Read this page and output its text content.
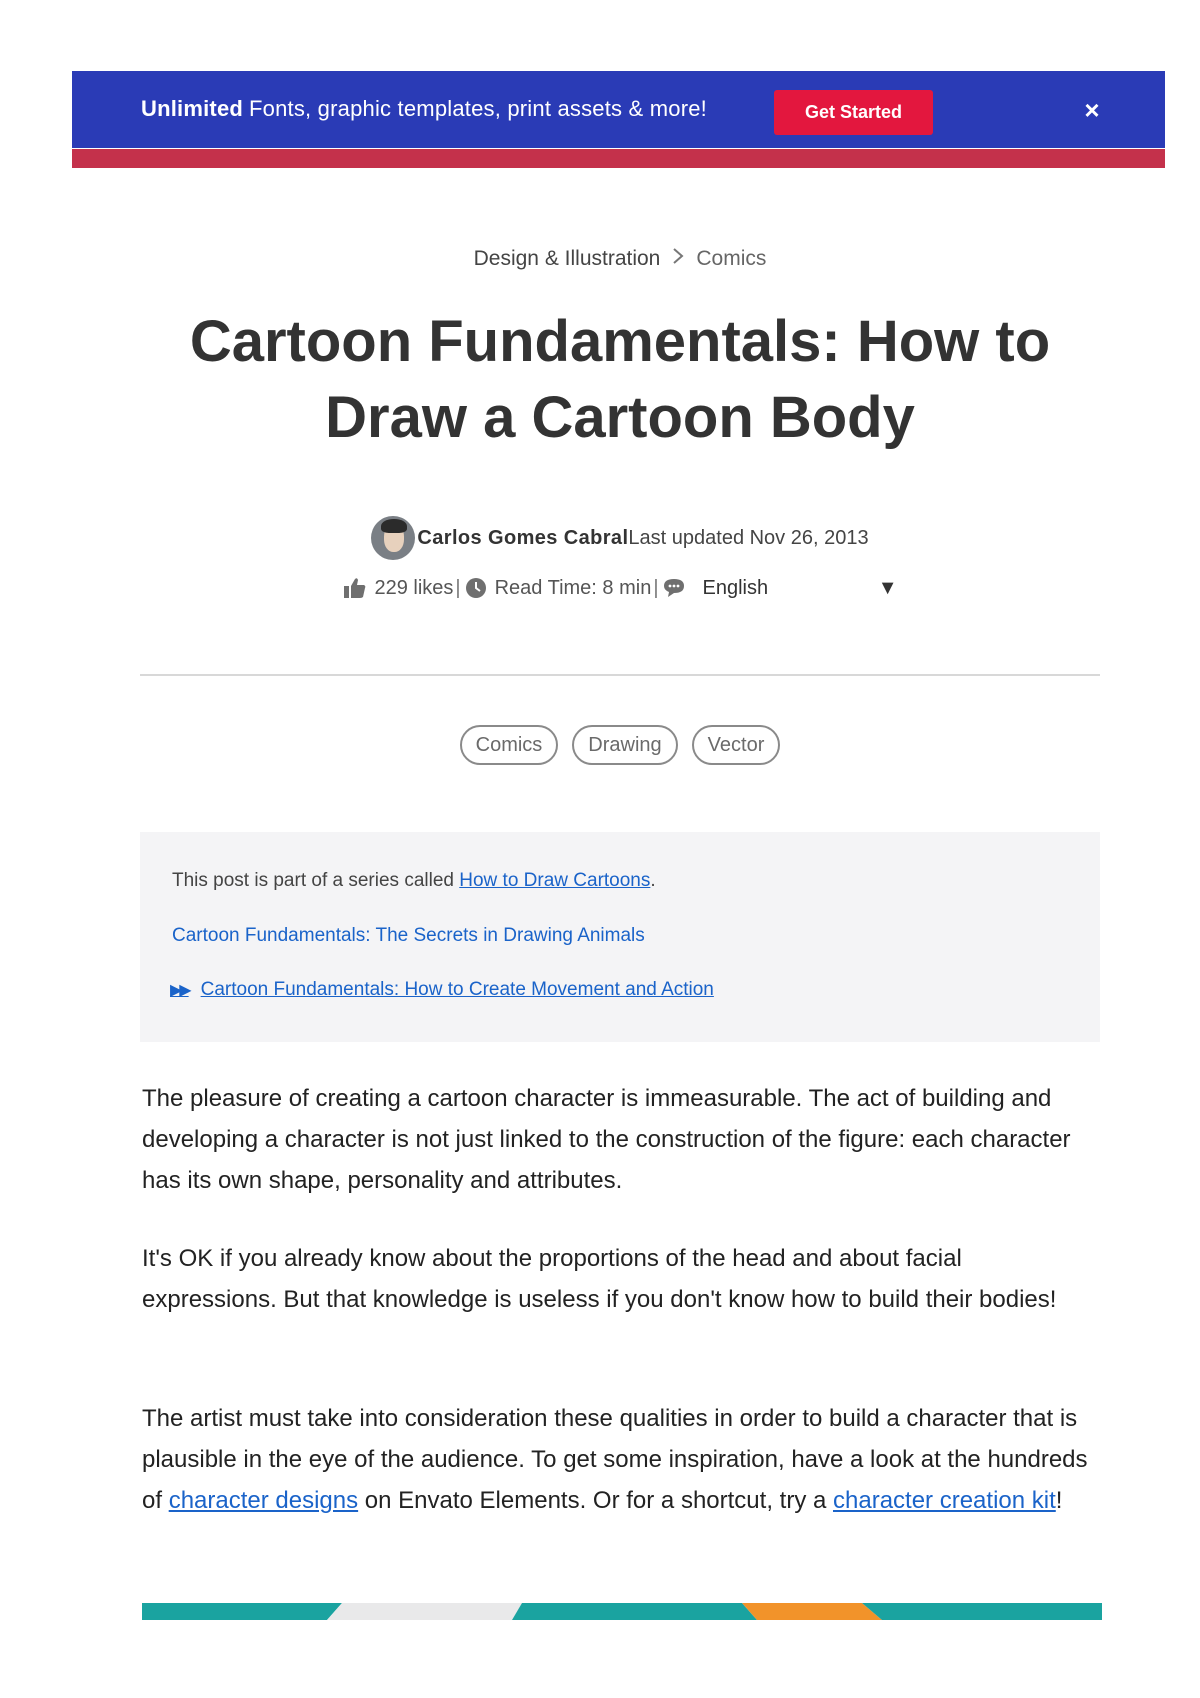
Unlimited Fonts, graphic templates, print assets & more!	Get Started	×
Design & Illustration Comics
Cartoon Fundamentals: How to Draw a Cartoon Body
Carlos Gomes Cabral Last updated Nov 26, 2013
229 likes | Read Time:
8 min | English	▼
Comics	Drawing	Vector
This post is part of a series called How to Draw Cartoons.
Cartoon Fundamentals: The Secrets in Drawing Animals
▶▶ Cartoon Fundamentals: How to Create Movement and Action

The pleasure of creating a cartoon character is immeasurable. The act of building and developing a character is not just linked to the construction of the figure: each character has its own shape, personality and attributes.

It's OK if you already know about the proportions of the head and about facial expressions. But that knowledge is useless if you don't know how to build their bodies!

The artist must take into consideration these qualities in order to build a character that is plausible in the eye of the audience. To get some inspiration, have a look at the hundreds of character designs on Envato Elements. Or for a shortcut, try a character creation kit!
